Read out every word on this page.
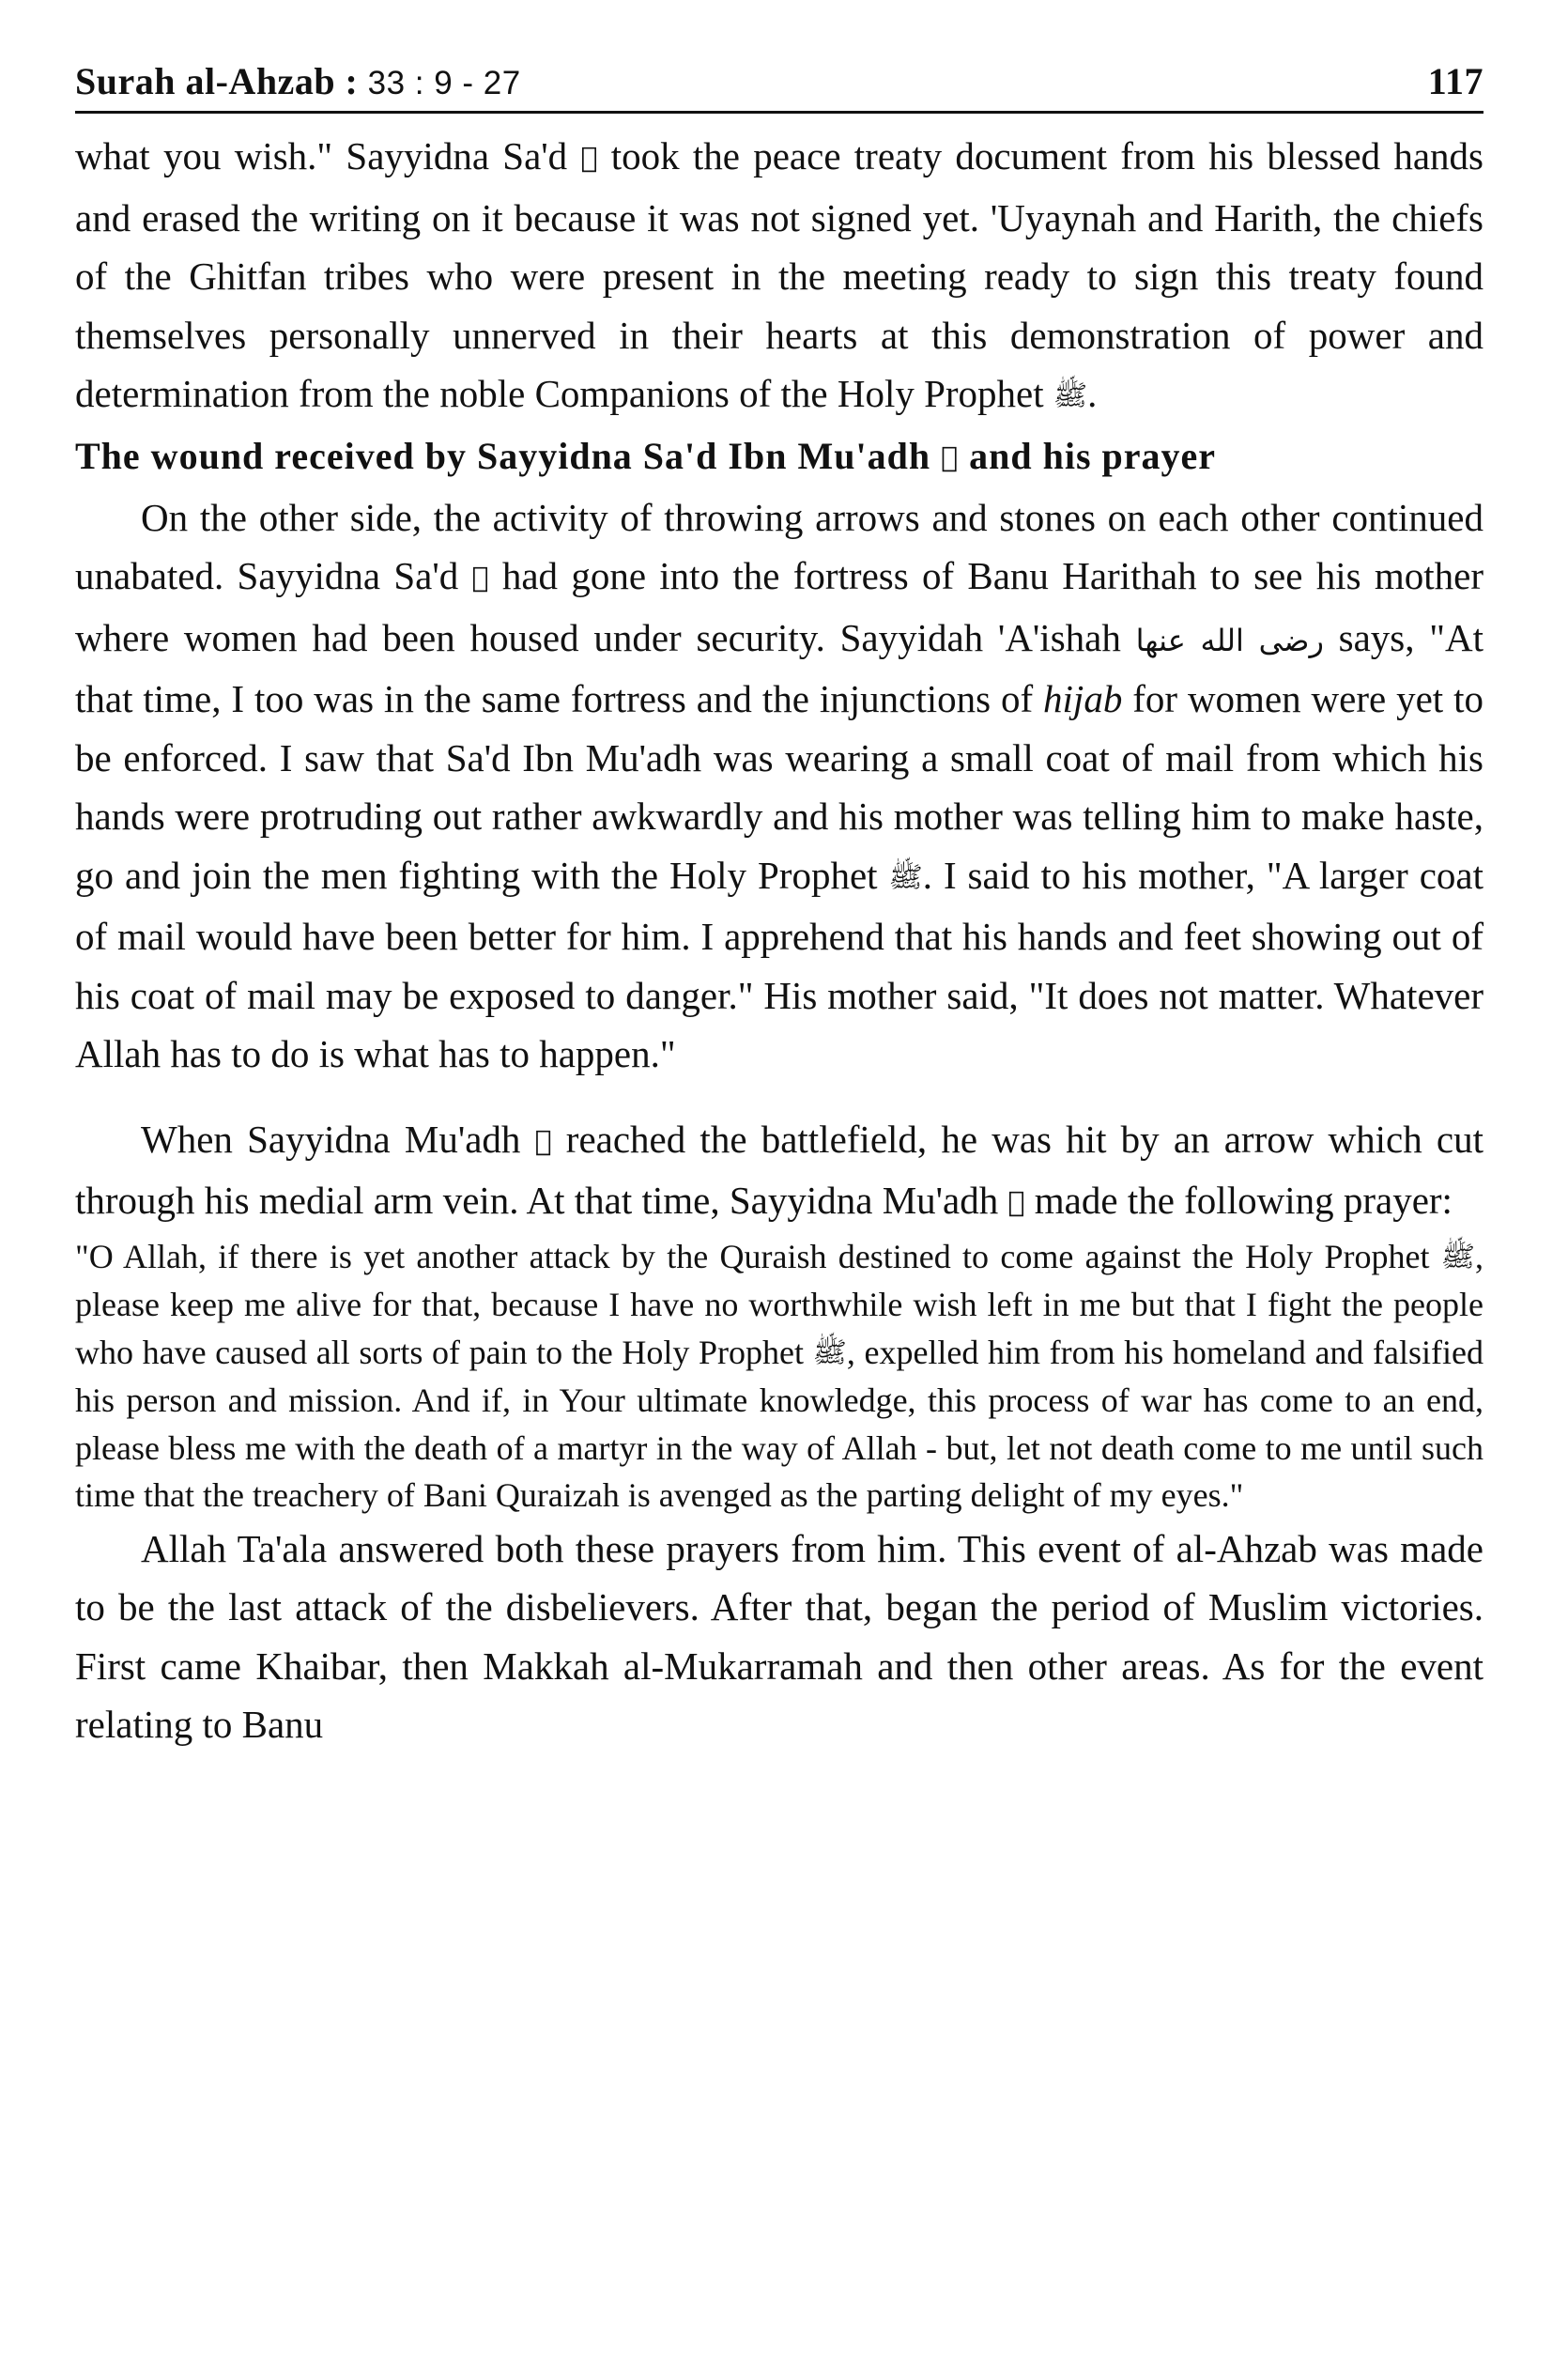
Surah al-Ahzab : 33 : 9 - 27	117

what you wish." Sayyidna Sa'd ﷛ took the peace treaty document from his blessed hands and erased the writing on it because it was not signed yet. 'Uyaynah and Harith, the chiefs of the Ghitfan tribes who were present in the meeting ready to sign this treaty found themselves personally unnerved in their hearts at this demonstration of power and determination from the noble Companions of the Holy Prophet ﷺ.

The wound received by Sayyidna Sa'd Ibn Mu'adh ﷛ and his prayer

On the other side, the activity of throwing arrows and stones on each other continued unabated. Sayyidna Sa'd ﷛ had gone into the fortress of Banu Harithah to see his mother where women had been housed under security. Sayyidah 'A'ishah رضى الله عنها says, "At that time, I too was in the same fortress and the injunctions of hijab for women were yet to be enforced. I saw that Sa'd Ibn Mu'adh was wearing a small coat of mail from which his hands were protruding out rather awkwardly and his mother was telling him to make haste, go and join the men fighting with the Holy Prophet ﷺ. I said to his mother, "A larger coat of mail would have been better for him. I apprehend that his hands and feet showing out of his coat of mail may be exposed to danger." His mother said, "It does not matter. Whatever Allah has to do is what has to happen."

When Sayyidna Mu'adh ﷛ reached the battlefield, he was hit by an arrow which cut through his medial arm vein. At that time, Sayyidna Mu'adh ﷛ made the following prayer:

"O Allah, if there is yet another attack by the Quraish destined to come against the Holy Prophet ﷺ, please keep me alive for that, because I have no worthwhile wish left in me but that I fight the people who have caused all sorts of pain to the Holy Prophet ﷺ, expelled him from his homeland and falsified his person and mission. And if, in Your ultimate knowledge, this process of war has come to an end, please bless me with the death of a martyr in the way of Allah - but, let not death come to me until such time that the treachery of Bani Quraizah is avenged as the parting delight of my eyes."

Allah Ta'ala answered both these prayers from him. This event of al-Ahzab was made to be the last attack of the disbelievers. After that, began the period of Muslim victories. First came Khaibar, then Makkah al-Mukarramah and then other areas. As for the event relating to Banu
